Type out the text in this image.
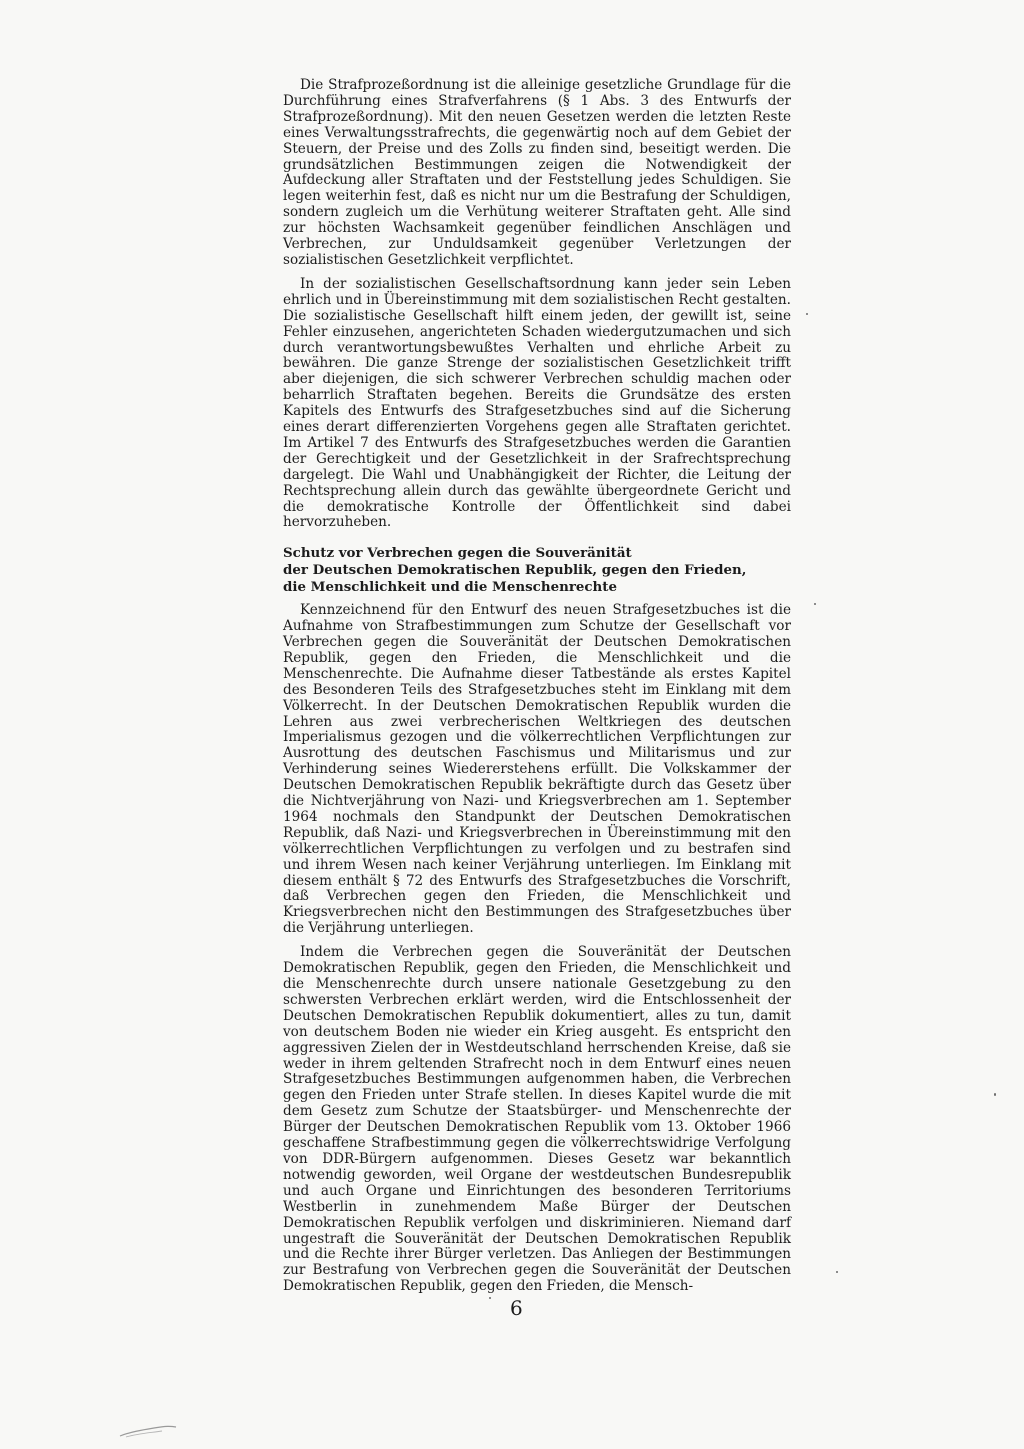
Die Strafprozeßordnung ist die alleinige gesetzliche Grundlage für die Durchführung eines Strafverfahrens (§ 1 Abs. 3 des Entwurfs der Strafprozeßordnung). Mit den neuen Gesetzen werden die letzten Reste eines Verwaltungsstrafrechts, die gegenwärtig noch auf dem Gebiet der Steuern, der Preise und des Zolls zu finden sind, beseitigt werden. Die grundsätzlichen Bestimmungen zeigen die Notwendigkeit der Aufdeckung aller Straftaten und der Feststellung jedes Schuldigen. Sie legen weiterhin fest, daß es nicht nur um die Bestrafung der Schuldigen, sondern zugleich um die Verhütung weiterer Straftaten geht. Alle sind zur höchsten Wachsamkeit gegenüber feindlichen Anschlägen und Verbrechen, zur Unduldsamkeit gegenüber Verletzungen der sozialistischen Gesetzlichkeit verpflichtet.

In der sozialistischen Gesellschaftsordnung kann jeder sein Leben ehrlich und in Übereinstimmung mit dem sozialistischen Recht gestalten. Die sozialistische Gesellschaft hilft einem jeden, der gewillt ist, seine Fehler einzusehen, angerichteten Schaden wiedergutzumachen und sich durch verantwortungsbewußtes Verhalten und ehrliche Arbeit zu bewähren. Die ganze Strenge der sozialistischen Gesetzlichkeit trifft aber diejenigen, die sich schwerer Verbrechen schuldig machen oder beharrlich Straftaten begehen. Bereits die Grundsätze des ersten Kapitels des Entwurfs des Strafgesetzbuches sind auf die Sicherung eines derart differenzierten Vorgehens gegen alle Straftaten gerichtet. Im Artikel 7 des Entwurfs des Strafgesetzbuches werden die Garantien der Gerechtigkeit und der Gesetzlichkeit in der Srafrechtsprechung dargelegt. Die Wahl und Unabhängigkeit der Richter, die Leitung der Rechtsprechung allein durch das gewählte übergeordnete Gericht und die demokratische Kontrolle der Öffentlichkeit sind dabei hervorzuheben.

Schutz vor Verbrechen gegen die Souveränität
der Deutschen Demokratischen Republik, gegen den Frieden,
die Menschlichkeit und die Menschenrechte

Kennzeichnend für den Entwurf des neuen Strafgesetzbuches ist die Aufnahme von Strafbestimmungen zum Schutze der Gesellschaft vor Verbrechen gegen die Souveränität der Deutschen Demokratischen Republik, gegen den Frieden, die Menschlichkeit und die Menschenrechte. Die Aufnahme dieser Tatbestände als erstes Kapitel des Besonderen Teils des Strafgesetzbuches steht im Einklang mit dem Völkerrecht. In der Deutschen Demokratischen Republik wurden die Lehren aus zwei verbrecherischen Weltkriegen des deutschen Imperialismus gezogen und die völkerrechtlichen Verpflichtungen zur Ausrottung des deutschen Faschismus und Militarismus und zur Verhinderung seines Wiedererstehens erfüllt. Die Volkskammer der Deutschen Demokratischen Republik bekräftigte durch das Gesetz über die Nichtverjährung von Nazi- und Kriegsverbrechen am 1. September 1964 nochmals den Standpunkt der Deutschen Demokratischen Republik, daß Nazi- und Kriegsverbrechen in Übereinstimmung mit den völkerrechtlichen Verpflichtungen zu verfolgen und zu bestrafen sind und ihrem Wesen nach keiner Verjährung unterliegen. Im Einklang mit diesem enthält § 72 des Entwurfs des Strafgesetzbuches die Vorschrift, daß Verbrechen gegen den Frieden, die Menschlichkeit und Kriegsverbrechen nicht den Bestimmungen des Strafgesetzbuches über die Verjährung unterliegen.

Indem die Verbrechen gegen die Souveränität der Deutschen Demokratischen Republik, gegen den Frieden, die Menschlichkeit und die Menschenrechte durch unsere nationale Gesetzgebung zu den schwersten Verbrechen erklärt werden, wird die Entschlossenheit der Deutschen Demokratischen Republik dokumentiert, alles zu tun, damit von deutschem Boden nie wieder ein Krieg ausgeht. Es entspricht den aggressiven Zielen der in Westdeutschland herrschenden Kreise, daß sie weder in ihrem geltenden Strafrecht noch in dem Entwurf eines neuen Strafgesetzbuches Bestimmungen aufgenommen haben, die Verbrechen gegen den Frieden unter Strafe stellen. In dieses Kapitel wurde die mit dem Gesetz zum Schutze der Staatsbürger- und Menschenrechte der Bürger der Deutschen Demokratischen Republik vom 13. Oktober 1966 geschaffene Strafbestimmung gegen die völkerrechtswidrige Verfolgung von DDR-Bürgern aufgenommen. Dieses Gesetz war bekanntlich notwendig geworden, weil Organe der westdeutschen Bundesrepublik und auch Organe und Einrichtungen des besonderen Territoriums Westberlin in zunehmendem Maße Bürger der Deutschen Demokratischen Republik verfolgen und diskriminieren. Niemand darf ungestraft die Souveränität der Deutschen Demokratischen Republik und die Rechte ihrer Bürger verletzen. Das Anliegen der Bestimmungen zur Bestrafung von Verbrechen gegen die Souveränität der Deutschen Demokratischen Republik, gegen den Frieden, die Mensch-

6
